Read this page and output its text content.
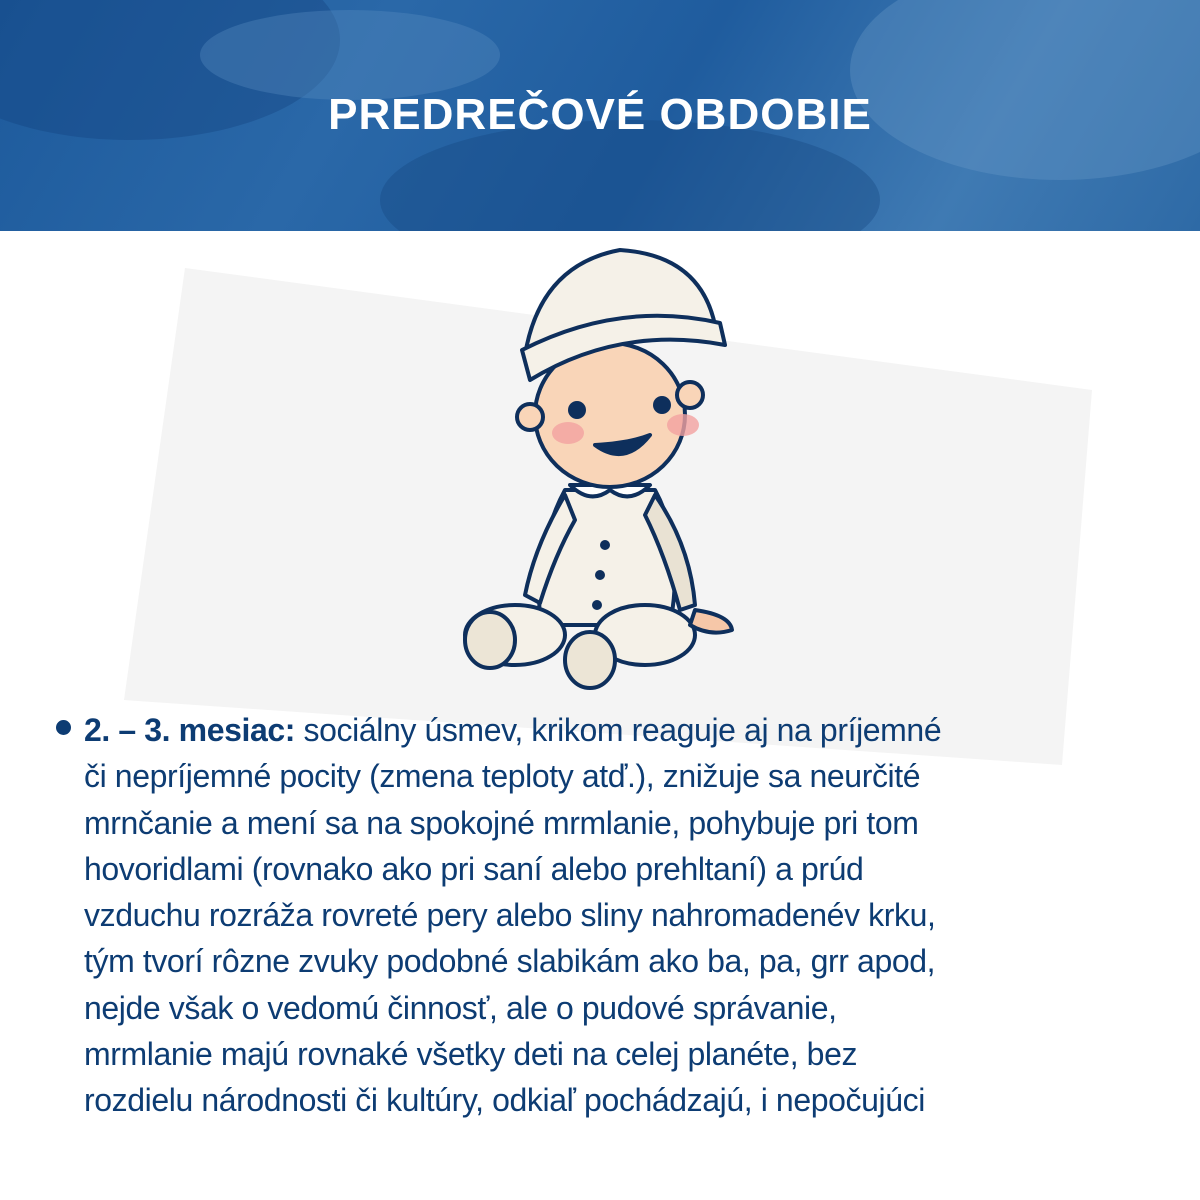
PREDREČOVÉ OBDOBIE
2. – 3. mesiac: sociálny úsmev, krikom reaguje aj na príjemné
či nepríjemné pocity (zmena teploty atď.), znižuje sa neurčité
mrnčanie a mení sa na spokojné mrmlanie, pohybuje pri tom
hovoridlami (rovnako ako pri saní alebo prehltaní) a prúd
vzduchu rozráža rovreté pery alebo sliny nahromadenév krku,
tým tvorí rôzne zvuky podobné slabikám ako ba, pa, grr apod,
nejde však o vedomú činnosť, ale o pudové správanie,
mrmlanie majú rovnaké všetky deti na celej planéte, bez
rozdielu národnosti či kultúry, odkiaľ pochádzajú, i nepočujúci
